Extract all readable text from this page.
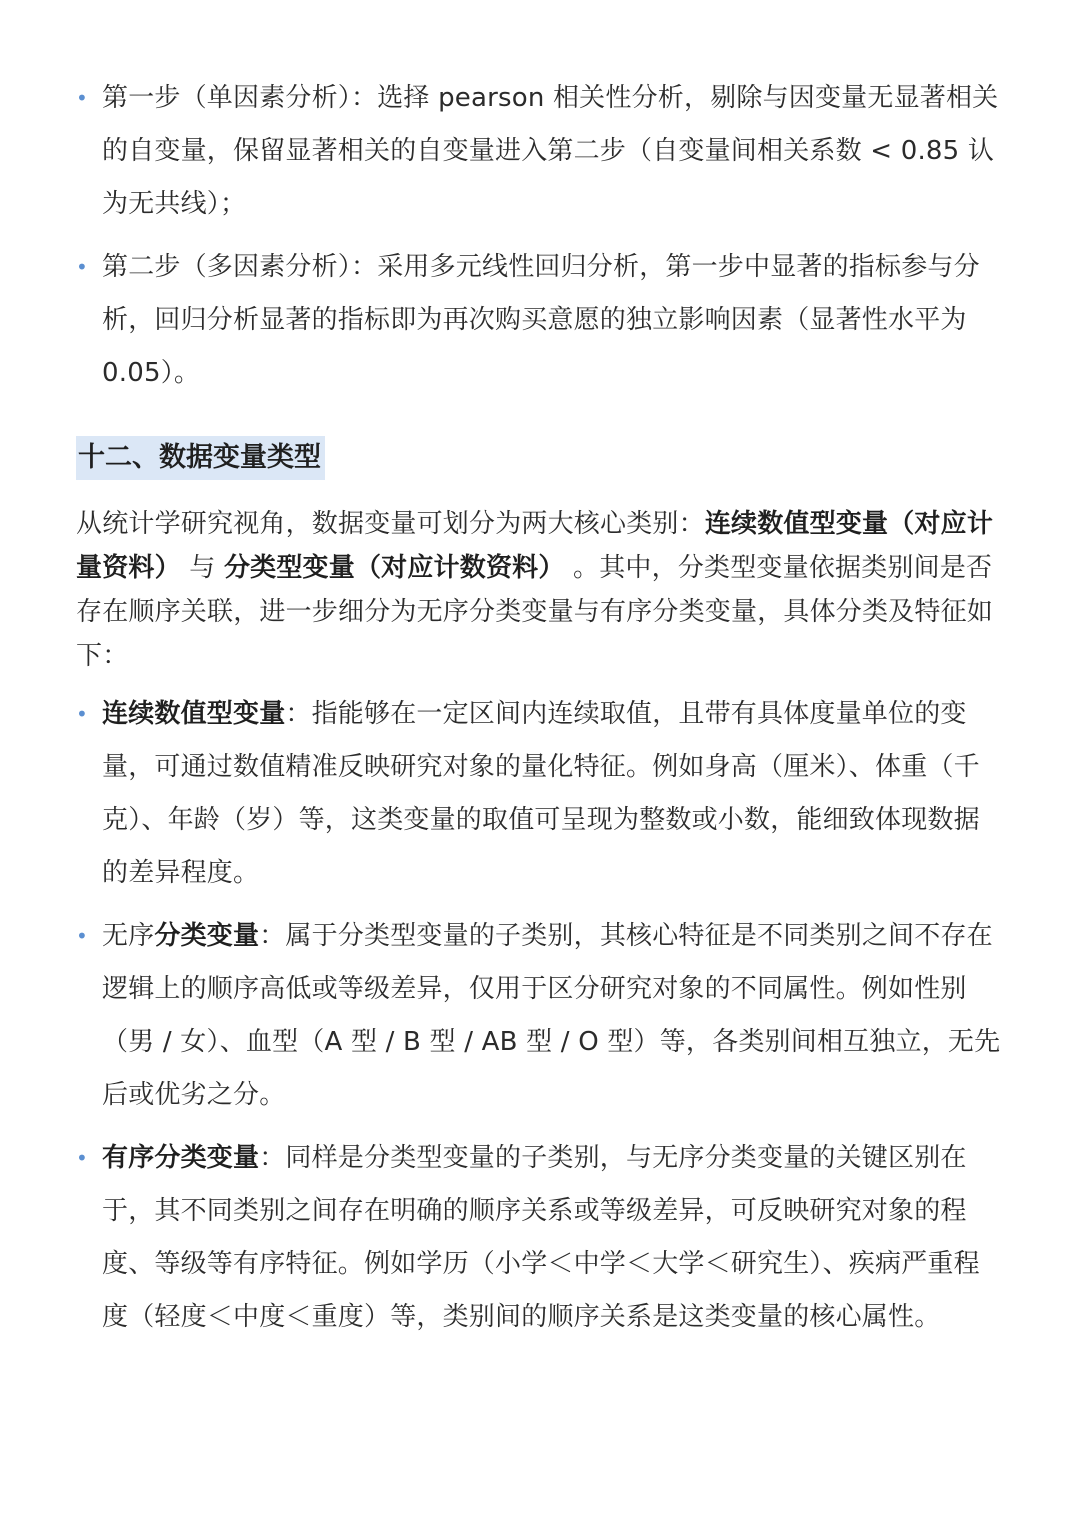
• 第一步（单因素分析）：选择 pearson 相关性分析，剔除与因变量无显著相关的自变量，保留显著相关的自变量进入第二步（自变量间相关系数 < 0.85 认为无共线）；
• 第二步（多因素分析）：采用多元线性回归分析，第一步中显著的指标参与分析，回归分析显著的指标即为再次购买意愿的独立影响因素（显著性水平为 0.05）。
十二、数据变量类型

从统计学研究视角，数据变量可划分为两大核心类别：连续数值型变量（对应计量资料） 与 分类型变量（对应计数资料） 。其中，分类型变量依据类别间是否存在顺序关联，进一步细分为无序分类变量与有序分类变量，具体分类及特征如下：

• 连续数值型变量：指能够在一定区间内连续取值，且带有具体度量单位的变量，可通过数值精准反映研究对象的量化特征。例如身高（厘米）、体重（千克）、年龄（岁）等，这类变量的取值可呈现为整数或小数，能细致体现数据的差异程度。
• 无序分类变量：属于分类型变量的子类别，其核心特征是不同类别之间不存在逻辑上的顺序高低或等级差异，仅用于区分研究对象的不同属性。例如性别（男 / 女）、血型（A 型 / B 型 / AB 型 / O 型）等，各类别间相互独立，无先后或优劣之分。
• 有序分类变量：同样是分类型变量的子类别，与无序分类变量的关键区别在于，其不同类别之间存在明确的顺序关系或等级差异，可反映研究对象的程度、等级等有序特征。例如学历（小学＜中学＜大学＜研究生）、疾病严重程度（轻度＜中度＜重度）等，类别间的顺序关系是这类变量的核心属性。
